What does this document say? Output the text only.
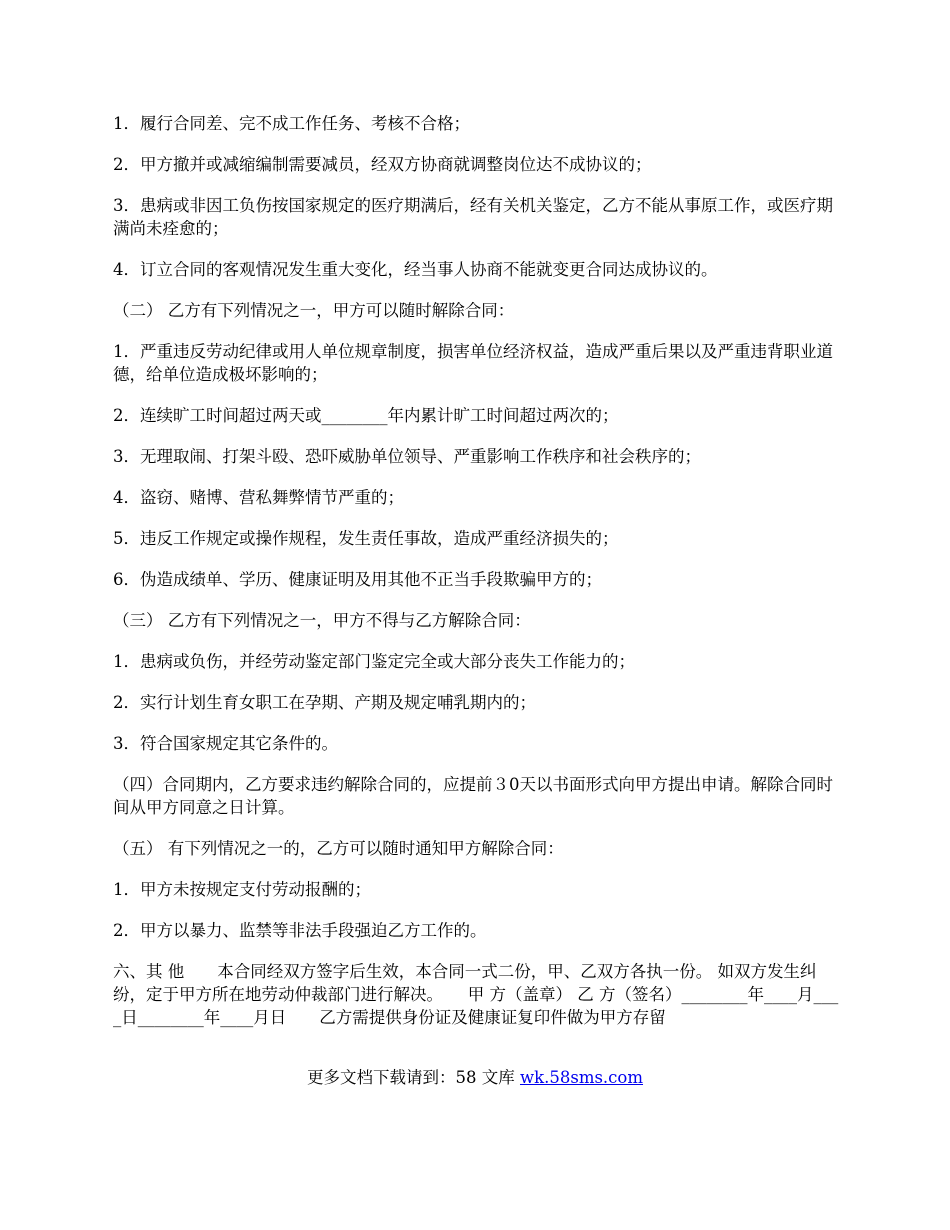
1．履行合同差、完不成工作任务、考核不合格；

2．甲方撤并或减缩编制需要减员，经双方协商就调整岗位达不成协议的；

3．患病或非因工负伤按国家规定的医疗期满后，经有关机关鉴定，乙方不能从事原工作，或医疗期满尚未痊愈的；

4．订立合同的客观情况发生重大变化，经当事人协商不能就变更合同达成协议的。

（二） 乙方有下列情况之一，甲方可以随时解除合同：

1．严重违反劳动纪律或用人单位规章制度，损害单位经济权益，造成严重后果以及严重违背职业道德，给单位造成极坏影响的；

2．连续旷工时间超过两天或________年内累计旷工时间超过两次的；

3．无理取闹、打架斗殴、恐吓威胁单位领导、严重影响工作秩序和社会秩序的；

4．盗窃、赌博、营私舞弊情节严重的；

5．违反工作规定或操作规程，发生责任事故，造成严重经济损失的；

6．伪造成绩单、学历、健康证明及用其他不正当手段欺骗甲方的；

（三） 乙方有下列情况之一，甲方不得与乙方解除合同：

1．患病或负伤，并经劳动鉴定部门鉴定完全或大部分丧失工作能力的；

2．实行计划生育女职工在孕期、产期及规定哺乳期内的；

3．符合国家规定其它条件的。

（四）合同期内，乙方要求违约解除合同的，应提前３0天以书面形式向甲方提出申请。解除合同时间从甲方同意之日计算。

（五） 有下列情况之一的，乙方可以随时通知甲方解除合同：

1．甲方未按规定支付劳动报酬的；

2．甲方以暴力、监禁等非法手段强迫乙方工作的。

六、其 他　　本合同经双方签字后生效，本合同一式二份，甲、乙双方各执一份。 如双方发生纠纷，定于甲方所在地劳动仲裁部门进行解决。　　甲 方（盖章） 乙 方（签名）________年____月____日________年____月日　　乙方需提供身份证及健康证复印件做为甲方存留

更多文档下载请到：58 文库 wk.58sms.com
